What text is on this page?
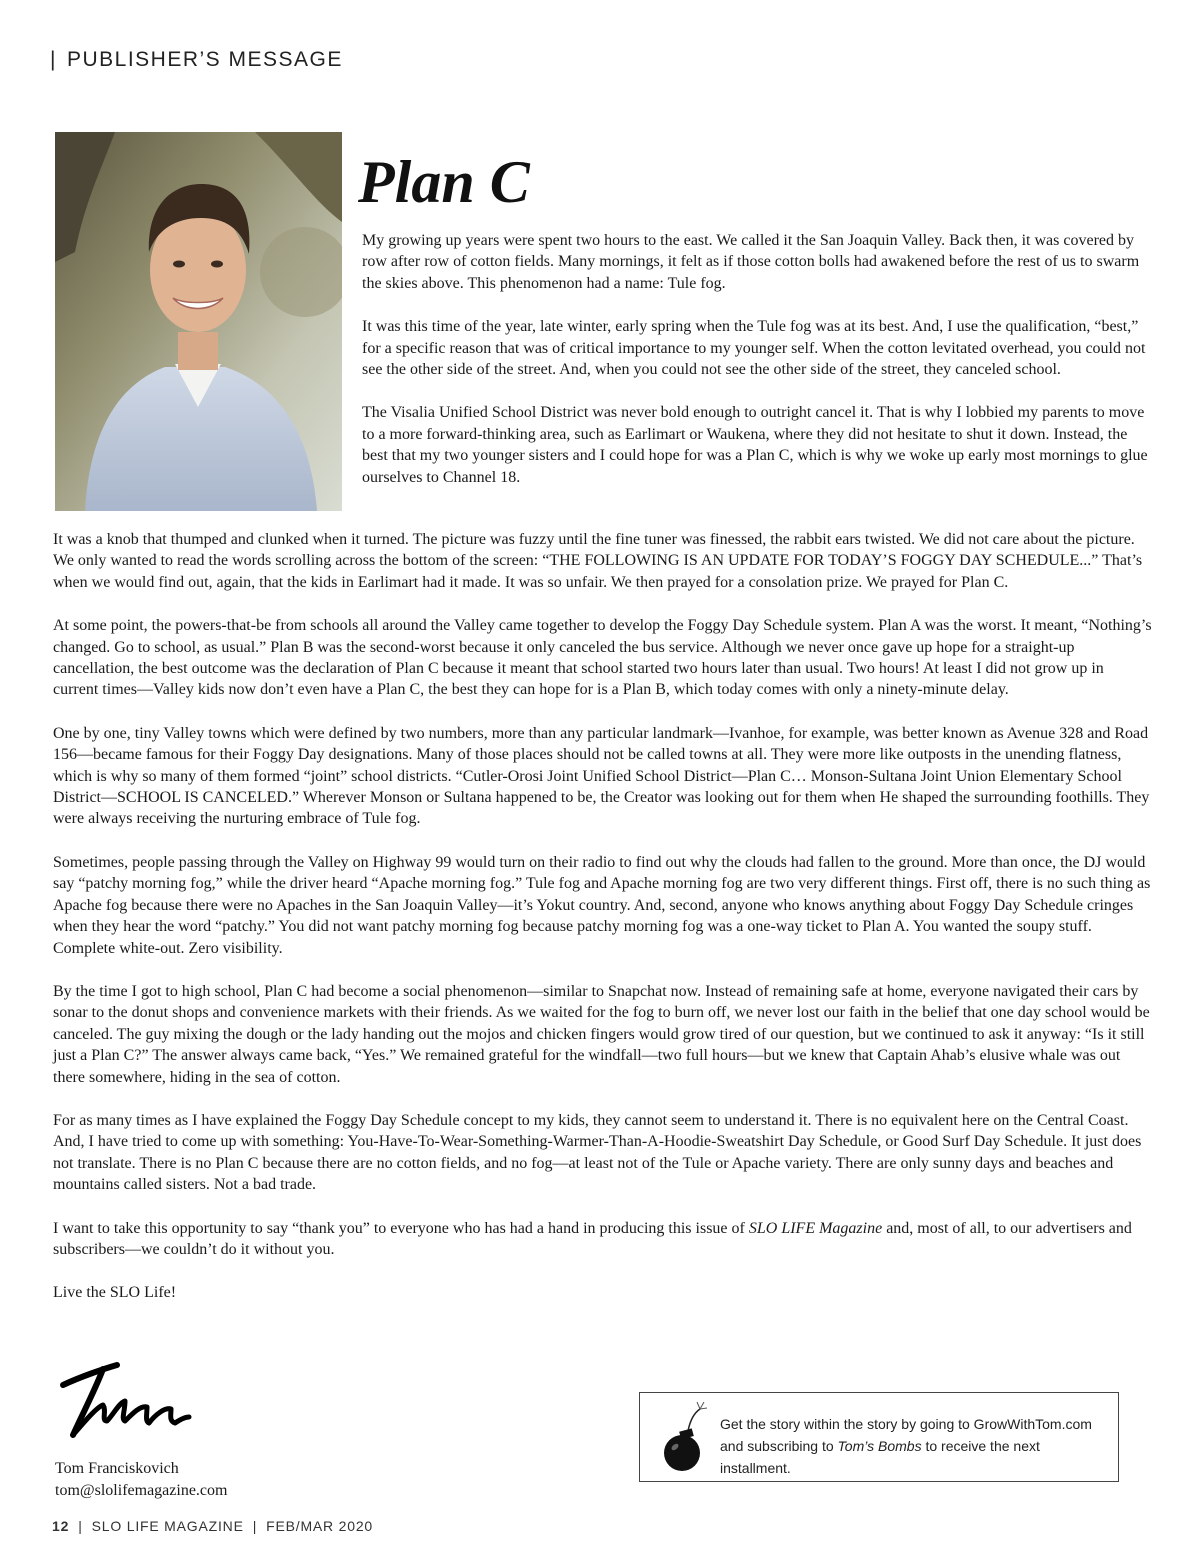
| PUBLISHER’S MESSAGE
Plan C

My growing up years were spent two hours to the east. We called it the San Joaquin Valley. Back then, it was covered by row after row of cotton fields. Many mornings, it felt as if those cotton bolls had awakened before the rest of us to swarm the skies above. This phenomenon had a name: Tule fog.

It was this time of the year, late winter, early spring when the Tule fog was at its best. And, I use the qualification, “best,” for a specific reason that was of critical importance to my younger self. When the cotton levitated overhead, you could not see the other side of the street. And, when you could not see the other side of the street, they canceled school.

The Visalia Unified School District was never bold enough to outright cancel it. That is why I lobbied my parents to move to a more forward-thinking area, such as Earlimart or Waukena, where they did not hesitate to shut it down. Instead, the best that my two younger sisters and I could hope for was a Plan C, which is why we woke up early most mornings to glue ourselves to Channel 18.

It was a knob that thumped and clunked when it turned. The picture was fuzzy until the fine tuner was finessed, the rabbit ears twisted. We did not care about the picture. We only wanted to read the words scrolling across the bottom of the screen: “THE FOLLOWING IS AN UPDATE FOR TODAY’S FOGGY DAY SCHEDULE...” That’s when we would find out, again, that the kids in Earlimart had it made. It was so unfair. We then prayed for a consolation prize. We prayed for Plan C.

At some point, the powers-that-be from schools all around the Valley came together to develop the Foggy Day Schedule system. Plan A was the worst. It meant, “Nothing’s changed. Go to school, as usual.” Plan B was the second-worst because it only canceled the bus service. Although we never once gave up hope for a straight-up cancellation, the best outcome was the declaration of Plan C because it meant that school started two hours later than usual. Two hours! At least I did not grow up in current times—Valley kids now don’t even have a Plan C, the best they can hope for is a Plan B, which today comes with only a ninety-minute delay.

One by one, tiny Valley towns which were defined by two numbers, more than any particular landmark—Ivanhoe, for example, was better known as Avenue 328 and Road 156—became famous for their Foggy Day designations. Many of those places should not be called towns at all. They were more like outposts in the unending flatness, which is why so many of them formed “joint” school districts. “Cutler-Orosi Joint Unified School District—Plan C… Monson-Sultana Joint Union Elementary School District—SCHOOL IS CANCELED.” Wherever Monson or Sultana happened to be, the Creator was looking out for them when He shaped the surrounding foothills. They were always receiving the nurturing embrace of Tule fog.

Sometimes, people passing through the Valley on Highway 99 would turn on their radio to find out why the clouds had fallen to the ground. More than once, the DJ would say “patchy morning fog,” while the driver heard “Apache morning fog.” Tule fog and Apache morning fog are two very different things. First off, there is no such thing as Apache fog because there were no Apaches in the San Joaquin Valley—it’s Yokut country. And, second, anyone who knows anything about Foggy Day Schedule cringes when they hear the word “patchy.” You did not want patchy morning fog because patchy morning fog was a one-way ticket to Plan A. You wanted the soupy stuff. Complete white-out. Zero visibility.

By the time I got to high school, Plan C had become a social phenomenon—similar to Snapchat now. Instead of remaining safe at home, everyone navigated their cars by sonar to the donut shops and convenience markets with their friends. As we waited for the fog to burn off, we never lost our faith in the belief that one day school would be canceled. The guy mixing the dough or the lady handing out the mojos and chicken fingers would grow tired of our question, but we continued to ask it anyway: “Is it still just a Plan C?” The answer always came back, “Yes.” We remained grateful for the windfall—two full hours—but we knew that Captain Ahab’s elusive whale was out there somewhere, hiding in the sea of cotton.

For as many times as I have explained the Foggy Day Schedule concept to my kids, they cannot seem to understand it. There is no equivalent here on the Central Coast. And, I have tried to come up with something: You-Have-To-Wear-Something-Warmer-Than-A-Hoodie-Sweatshirt Day Schedule, or Good Surf Day Schedule. It just does not translate. There is no Plan C because there are no cotton fields, and no fog—at least not of the Tule or Apache variety. There are only sunny days and beaches and mountains called sisters. Not a bad trade.

I want to take this opportunity to say “thank you” to everyone who has had a hand in producing this issue of SLO LIFE Magazine and, most of all, to our advertisers and subscribers—we couldn’t do it without you.

Live the SLO Life!

Tom Franciskovich
tom@slolifemagazine.com
Get the story within the story by going to GrowWithTom.com and subscribing to Tom’s Bombs to receive the next installment.
12 | SLO LIFE MAGAZINE | FEB/MAR 2020
